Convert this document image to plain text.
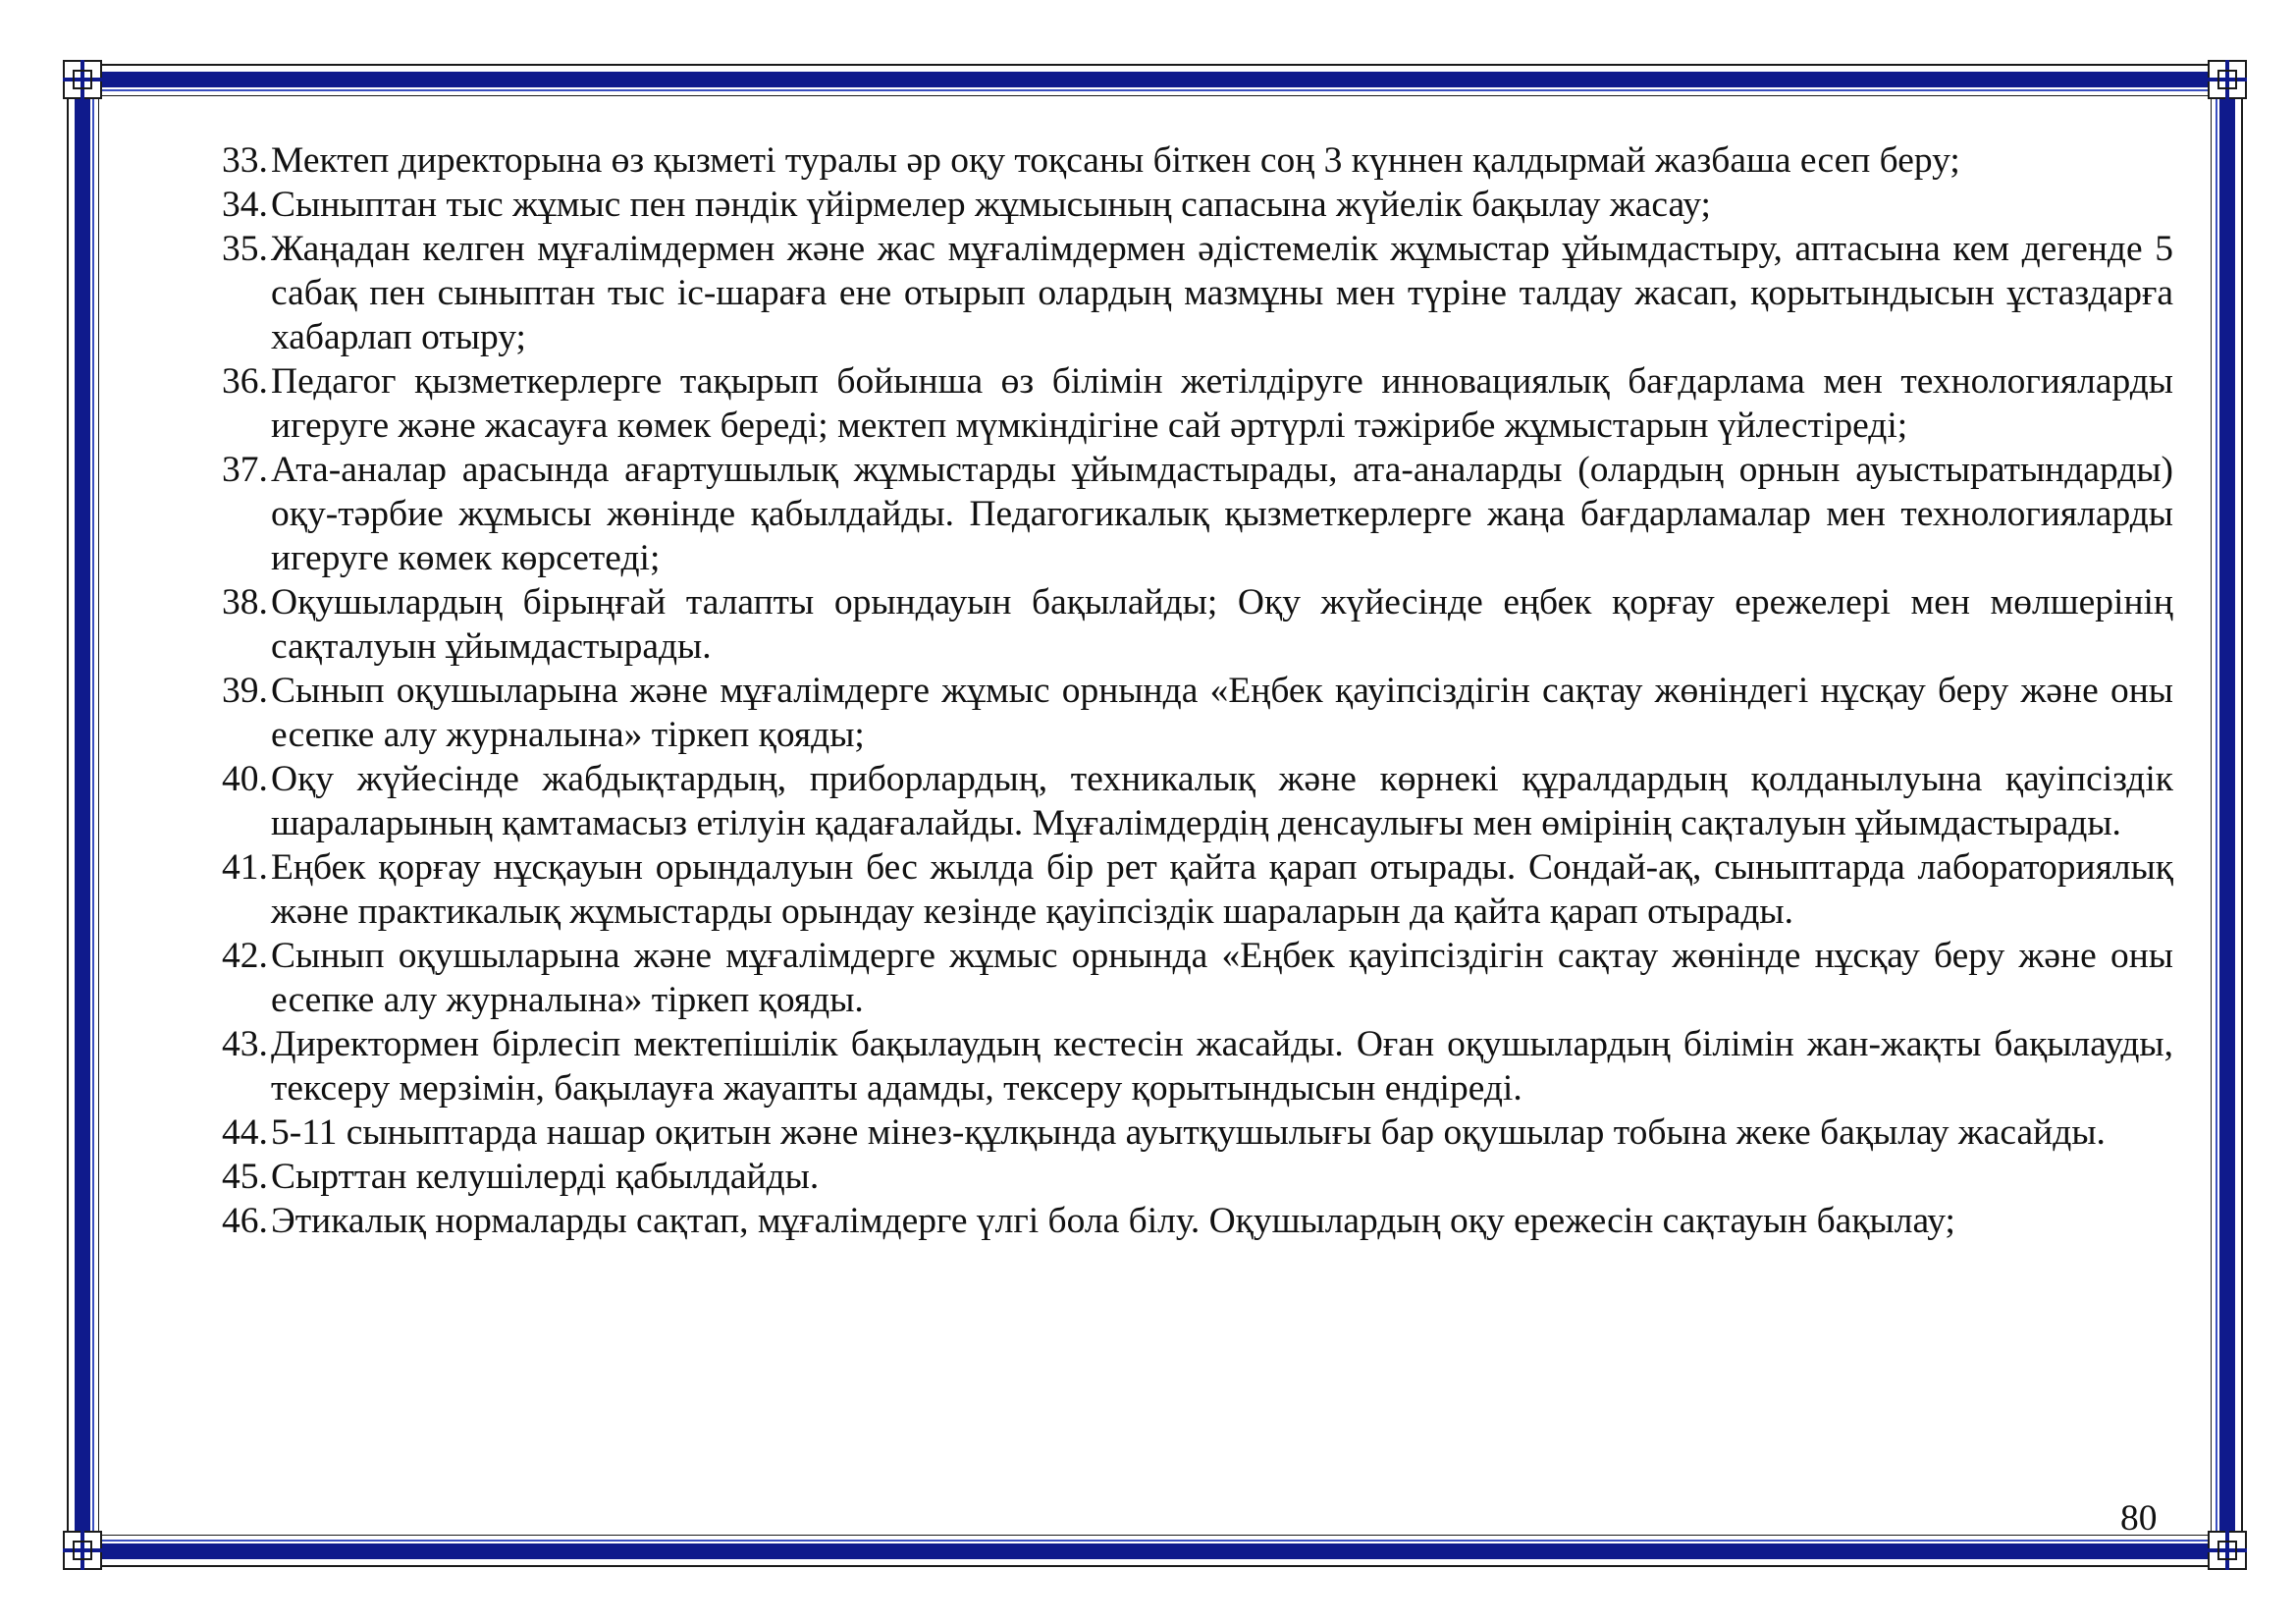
33. Мектеп директорына өз қызметі туралы әр оқу тоқсаны біткен соң 3 күннен қалдырмай жазбаша есеп беру;
34. Сыныптан тыс жұмыс пен пәндік үйірмелер жұмысының сапасына жүйелік бақылау жасау;
35. Жаңадан келген мұғалімдермен және жас мұғалімдермен әдістемелік жұмыстар ұйымдастыру, аптасына кем дегенде 5 сабақ пен сыныптан тыс іс-шараға ене отырып олардың мазмұны мен түріне талдау жасап, қорытындысын ұстаздарға хабарлап отыру;
36. Педагог қызметкерлерге тақырып бойынша өз білімін жетілдіруге инновациялық бағдарлама мен технологияларды игеруге және жасауға көмек береді; мектеп мүмкіндігіне сай әртүрлі тәжірибе жұмыстарын үйлестіреді;
37. Ата-аналар арасында ағартушылық жұмыстарды ұйымдастырады, ата-аналарды (олардың орнын ауыстыратындарды) оқу-тәрбие жұмысы жөнінде қабылдайды. Педагогикалық қызметкерлерге жаңа бағдарламалар мен технологияларды игеруге көмек көрсетеді;
38. Оқушылардың бірыңғай талапты орындауын бақылайды; Оқу жүйесінде еңбек қорғау ережелері мен мөлшерінің сақталуын ұйымдастырады.
39. Сынып оқушыларына және мұғалімдерге жұмыс орнында «Еңбек қауіпсіздігін сақтау жөніндегі нұсқау беру және оны есепке алу журналына» тіркеп қояды;
40. Оқу жүйесінде жабдықтардың, приборлардың, техникалық және көрнекі құралдардың қолданылуына қауіпсіздік шараларының қамтамасыз етілуін қадағалайды. Мұғалімдердің денсаулығы мен өмірінің сақталуын ұйымдастырады.
41. Еңбек қорғау нұсқауын орындалуын бес жылда бір рет қайта қарап отырады. Сондай-ақ, сыныптарда лабораториялық және практикалық жұмыстарды орындау кезінде қауіпсіздік шараларын да қайта қарап отырады.
42. Сынып оқушыларына және мұғалімдерге жұмыс орнында «Еңбек қауіпсіздігін сақтау жөнінде нұсқау беру және оны есепке алу журналына» тіркеп қояды.
43. Директормен бірлесіп мектепішілік бақылаудың кестесін жасайды. Оған оқушылардың білімін жан-жақты бақылауды, тексеру мерзімін, бақылауға жауапты адамды, тексеру қорытындысын ендіреді.
44. 5-11 сыныптарда нашар оқитын және мінез-құлқында ауытқушылығы бар оқушылар тобына жеке бақылау жасайды.
45. Сырттан келушілерді қабылдайды.
46. Этикалық нормаларды сақтап, мұғалімдерге үлгі бола білу. Оқушылардың оқу ережесін сақтауын бақылау;
80
